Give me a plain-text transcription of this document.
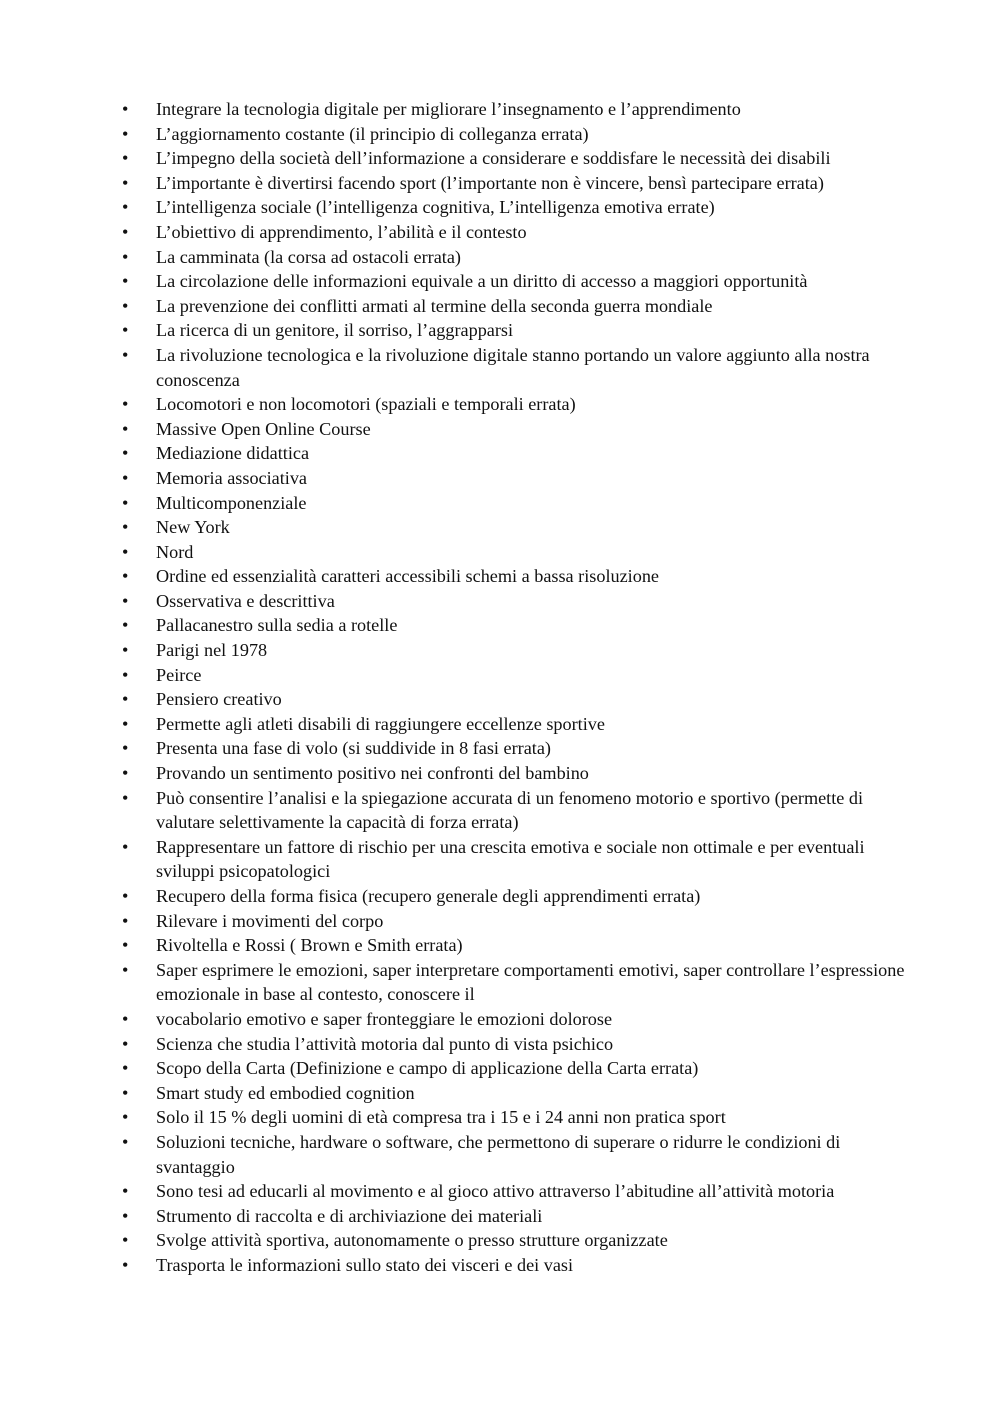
• Integrare la tecnologia digitale per migliorare l’insegnamento e l’apprendimento
• L’aggiornamento costante (il principio di colleganza errata)
• L’impegno della società dell’informazione a considerare e soddisfare le necessità dei disabili
• L’importante è divertirsi facendo sport (l’importante non è vincere, bensì partecipare errata)
• L’intelligenza sociale (l’intelligenza cognitiva, L’intelligenza emotiva errate)
• L’obiettivo di apprendimento, l’abilità e il contesto
• La camminata (la corsa ad ostacoli errata)
• La circolazione delle informazioni equivale a un diritto di accesso a maggiori opportunità
• La prevenzione dei conflitti armati al termine della seconda guerra mondiale
• La ricerca di un genitore, il sorriso, l’aggrapparsi
• La rivoluzione tecnologica e la rivoluzione digitale stanno portando un valore aggiunto alla nostra conoscenza
• Locomotori e non locomotori (spaziali e temporali errata)
• Massive Open Online Course
• Mediazione didattica
• Memoria associativa
• Multicomponenziale
• New York
• Nord
• Ordine ed essenzialità caratteri accessibili schemi a bassa risoluzione
• Osservativa e descrittiva
• Pallacanestro sulla sedia a rotelle
• Parigi nel 1978
• Peirce
• Pensiero creativo
• Permette agli atleti disabili di raggiungere eccellenze sportive
• Presenta una fase di volo (si suddivide in 8 fasi errata)
• Provando un sentimento positivo nei confronti del bambino
• Può consentire l’analisi e la spiegazione accurata di un fenomeno motorio e sportivo (permette di valutare selettivamente la capacità di forza errata)
• Rappresentare un fattore di rischio per una crescita emotiva e sociale non ottimale e per eventuali sviluppi psicopatologici
• Recupero della forma fisica (recupero generale degli apprendimenti errata)
• Rilevare i movimenti del corpo
• Rivoltella e Rossi ( Brown e Smith errata)
• Saper esprimere le emozioni, saper interpretare comportamenti emotivi, saper controllare l’espressione emozionale in base al contesto, conoscere il
• vocabolario emotivo e saper fronteggiare le emozioni dolorose
• Scienza che studia l’attività motoria dal punto di vista psichico
• Scopo della Carta (Definizione e campo di applicazione della Carta errata)
• Smart study ed embodied cognition
• Solo il 15 % degli uomini di età compresa tra i 15 e i 24 anni non pratica sport
• Soluzioni tecniche, hardware o software, che permettono di superare o ridurre le condizioni di svantaggio
• Sono tesi ad educarli al movimento e al gioco attivo attraverso l’abitudine all’attività motoria
• Strumento di raccolta e di archiviazione dei materiali
• Svolge attività sportiva, autonomamente o presso strutture organizzate
• Trasporta le informazioni sullo stato dei visceri e dei vasi
